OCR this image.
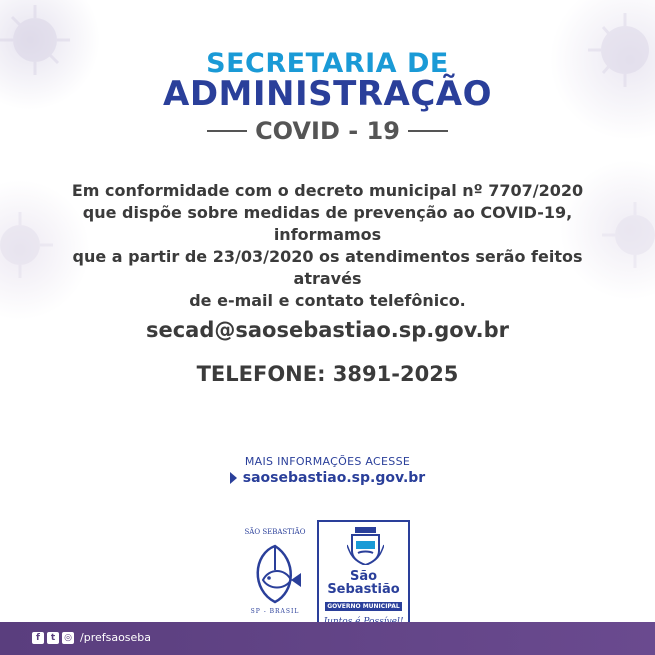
SECRETARIA DE
ADMINISTRAÇÃO
COVID - 19
Em conformidade com o decreto municipal nº 7707/2020
que dispõe sobre medidas de prevenção ao COVID-19, informamos
que a partir de 23/03/2020 os atendimentos serão feitos através
de e-mail e contato telefônico.
secad@saosebastiao.sp.gov.br
TELEFONE: 3891-2025
MAIS INFORMAÇÕES ACESSE
saosebastiao.sp.gov.br
SÃO SEBASTIÃO
SP - BRASIL
São
Sebastião
GOVERNO MUNICIPAL
f	t ◎ /prefsaoseba
